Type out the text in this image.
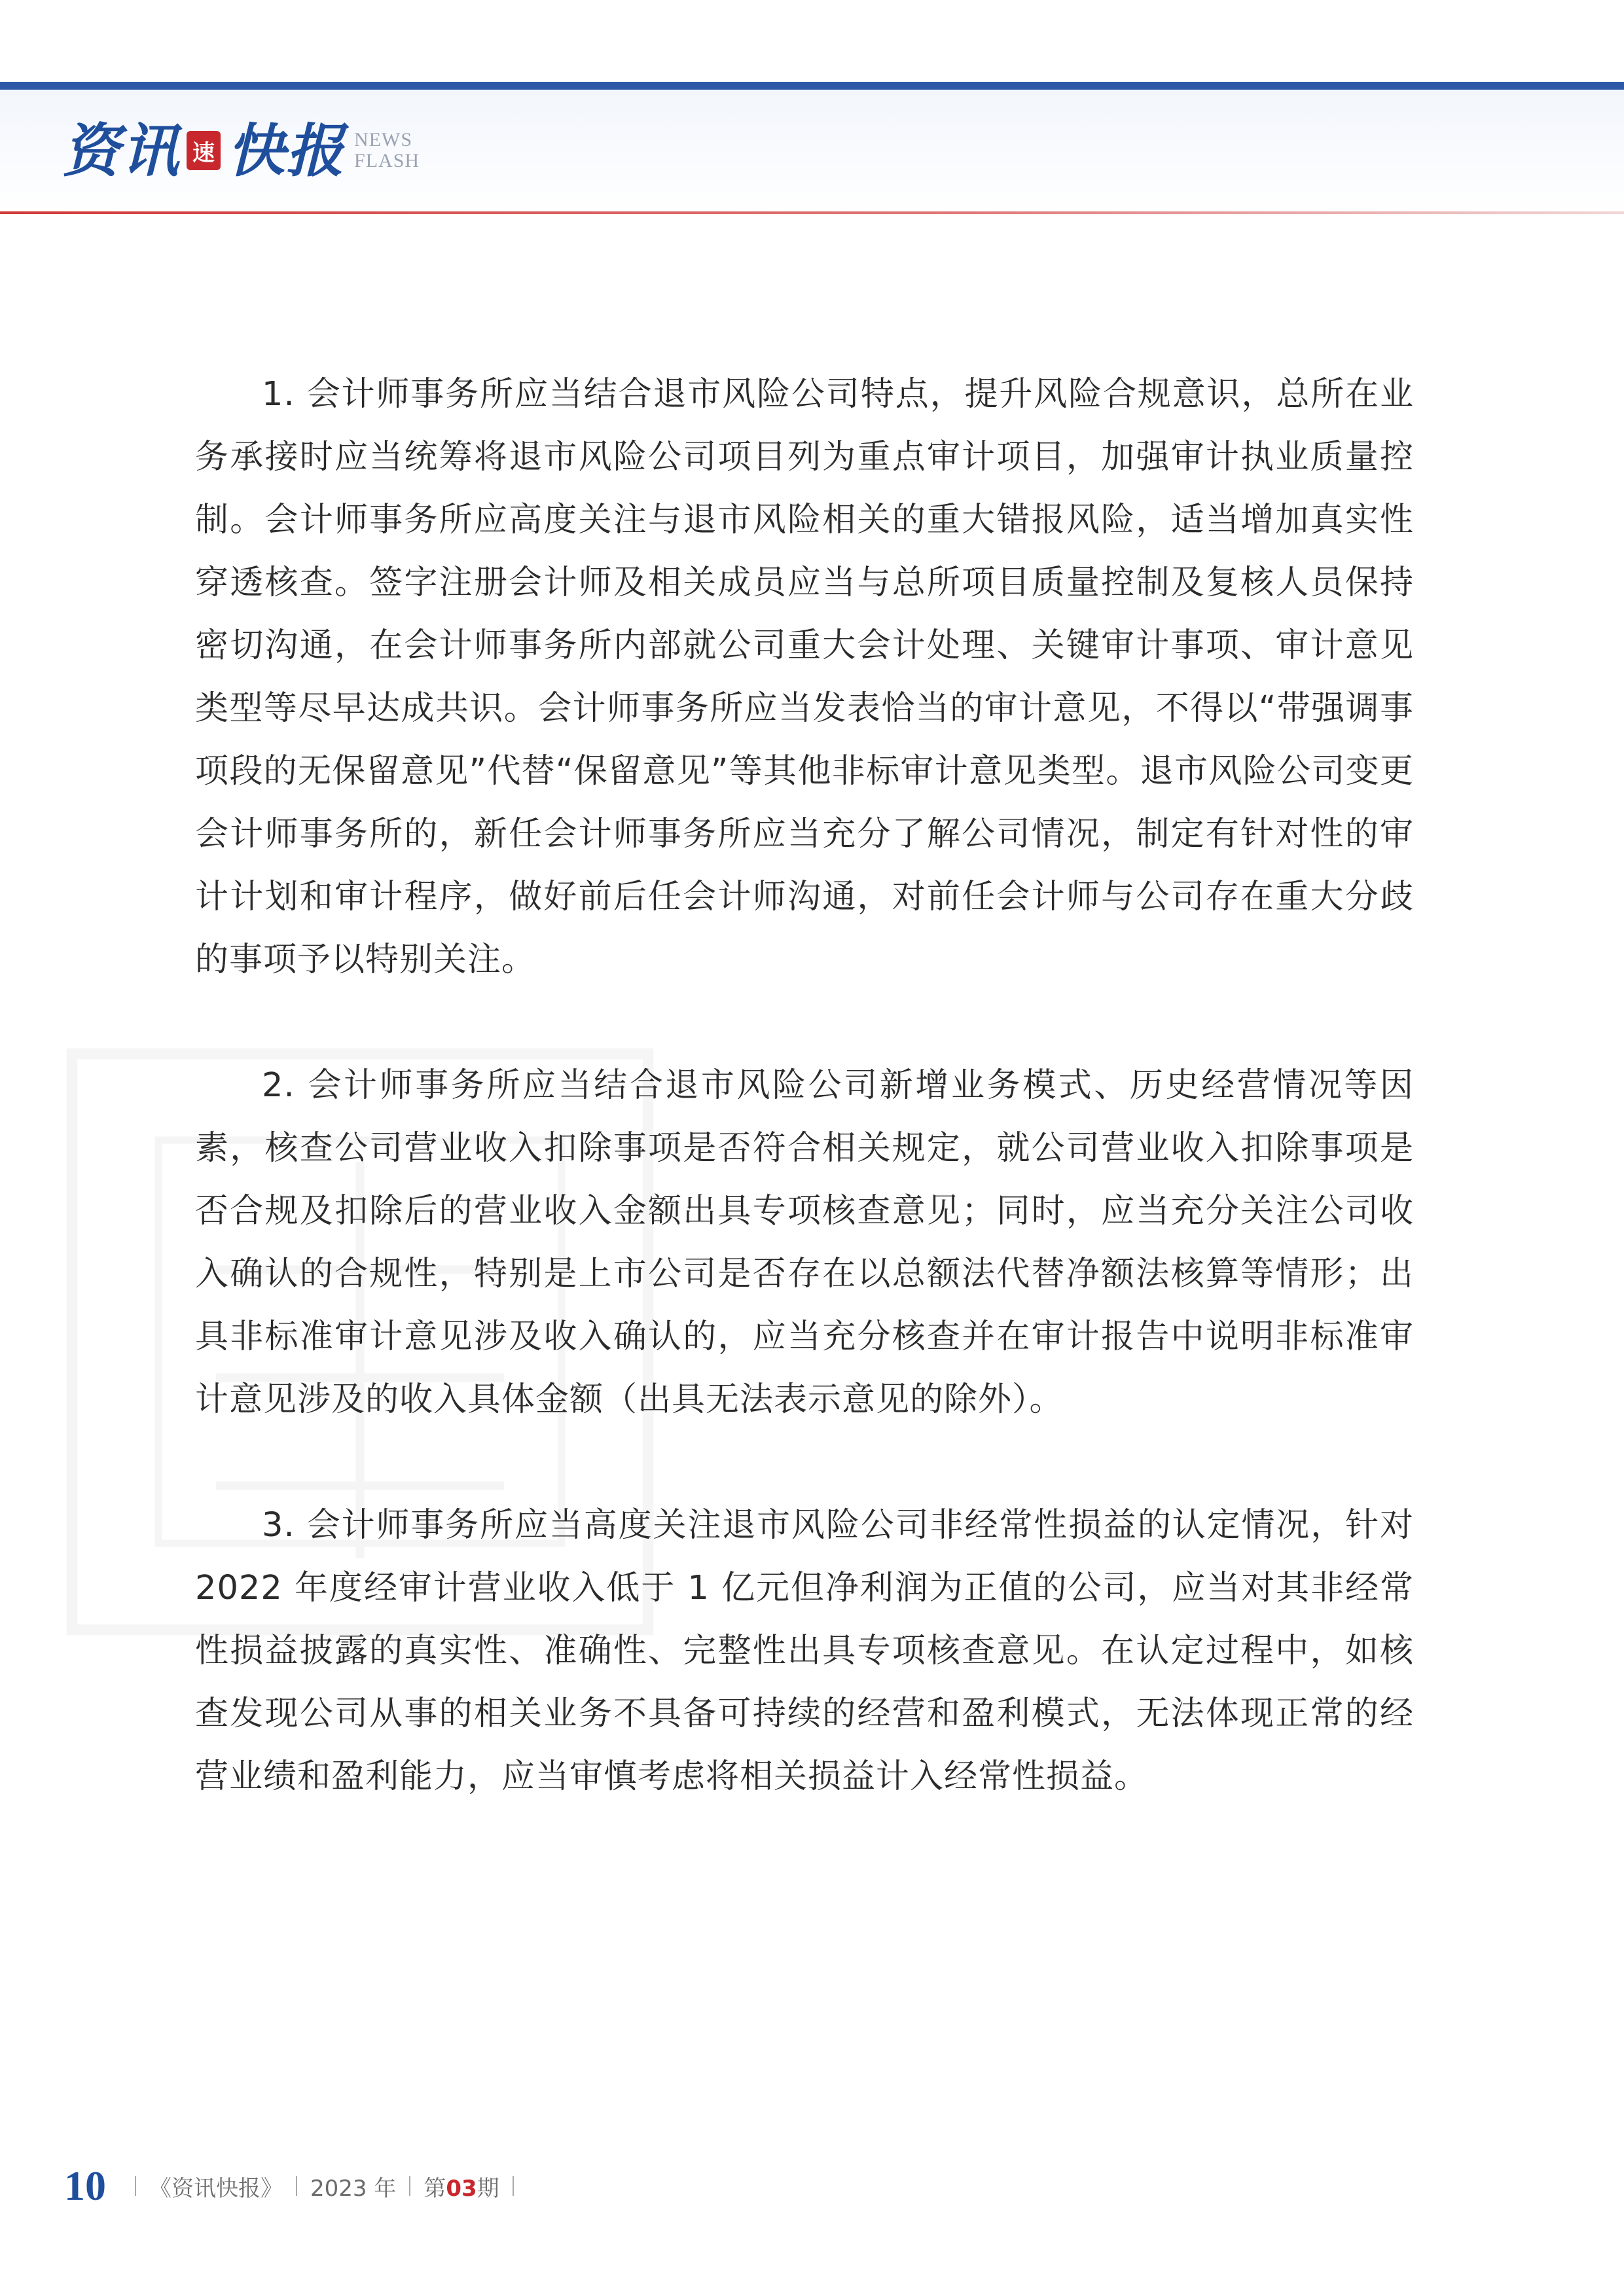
资讯 速 快报 NEWS
FLASH

1. 会计师事务所应当结合退市风险公司特点，提升风险合规意识，总所在业务承接时应当统筹将退市风险公司项目列为重点审计项目，加强审计执业质量控制。会计师事务所应高度关注与退市风险相关的重大错报风险，适当增加真实性穿透核查。签字注册会计师及相关成员应当与总所项目质量控制及复核人员保持密切沟通，在会计师事务所内部就公司重大会计处理、关键审计事项、审计意见类型等尽早达成共识。会计师事务所应当发表恰当的审计意见，不得以“带强调事项段的无保留意见”代替“保留意见”等其他非标审计意见类型。退市风险公司变更会计师事务所的，新任会计师事务所应当充分了解公司情况，制定有针对性的审计计划和审计程序，做好前后任会计师沟通，对前任会计师与公司存在重大分歧的事项予以特别关注。

2. 会计师事务所应当结合退市风险公司新增业务模式、历史经营情况等因素，核查公司营业收入扣除事项是否符合相关规定，就公司营业收入扣除事项是否合规及扣除后的营业收入金额出具专项核查意见；同时，应当充分关注公司收入确认的合规性，特别是上市公司是否存在以总额法代替净额法核算等情形；出具非标准审计意见涉及收入确认的，应当充分核查并在审计报告中说明非标准审计意见涉及的收入具体金额（出具无法表示意见的除外）。

3. 会计师事务所应当高度关注退市风险公司非经常性损益的认定情况，针对 2022 年度经审计营业收入低于 1 亿元但净利润为正值的公司，应当对其非经常性损益披露的真实性、准确性、完整性出具专项核查意见。在认定过程中，如核查发现公司从事的相关业务不具备可持续的经营和盈利模式，无法体现正常的经营业绩和盈利能力，应当审慎考虑将相关损益计入经常性损益。

10 《资讯快报》 2023 年 第03期
